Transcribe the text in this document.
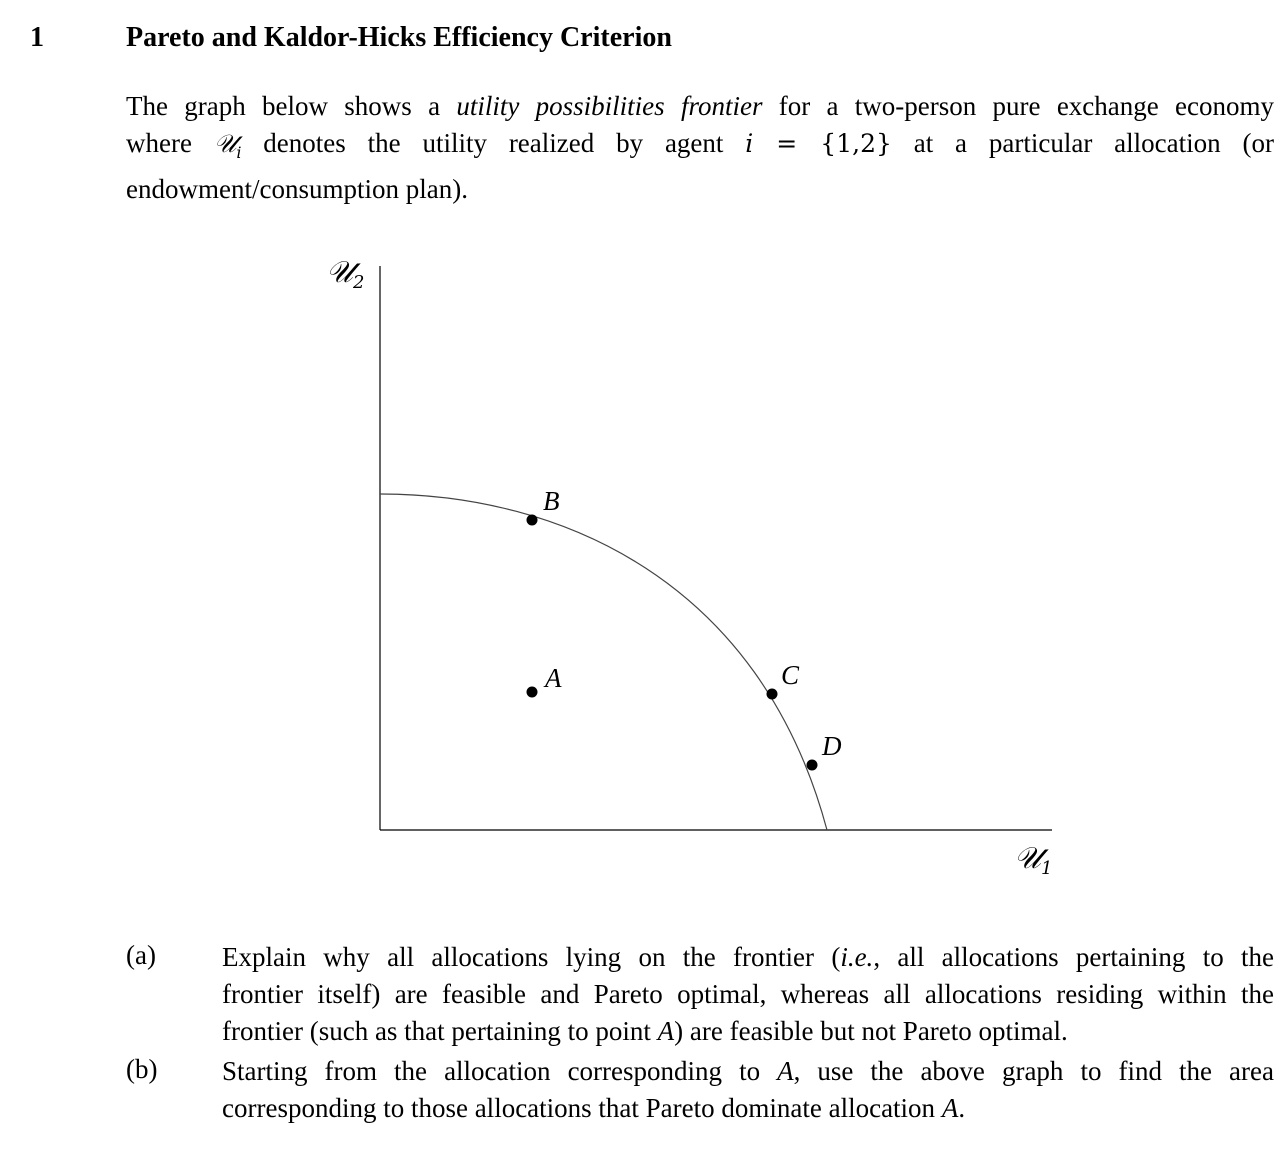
1	Pareto and Kaldor-Hicks Efficiency Criterion
The graph below shows a utility possibilities frontier for a two-person pure exchange economy
where 𝒰$_i$ denotes the utility realized by agent i = {1,2} at a particular allocation (or
endowment/consumption plan).
𝒰$_2$
𝒰$_1$
B
A	C
D
(a) Explain why all allocations lying on the frontier (i.e., all allocations pertaining to the
frontier itself) are feasible and Pareto optimal, whereas all allocations residing within the
frontier (such as that pertaining to point A) are feasible but not Pareto optimal.
(b) Starting from the allocation corresponding to A, use the above graph to find the area
corresponding to those allocations that Pareto dominate allocation A.
